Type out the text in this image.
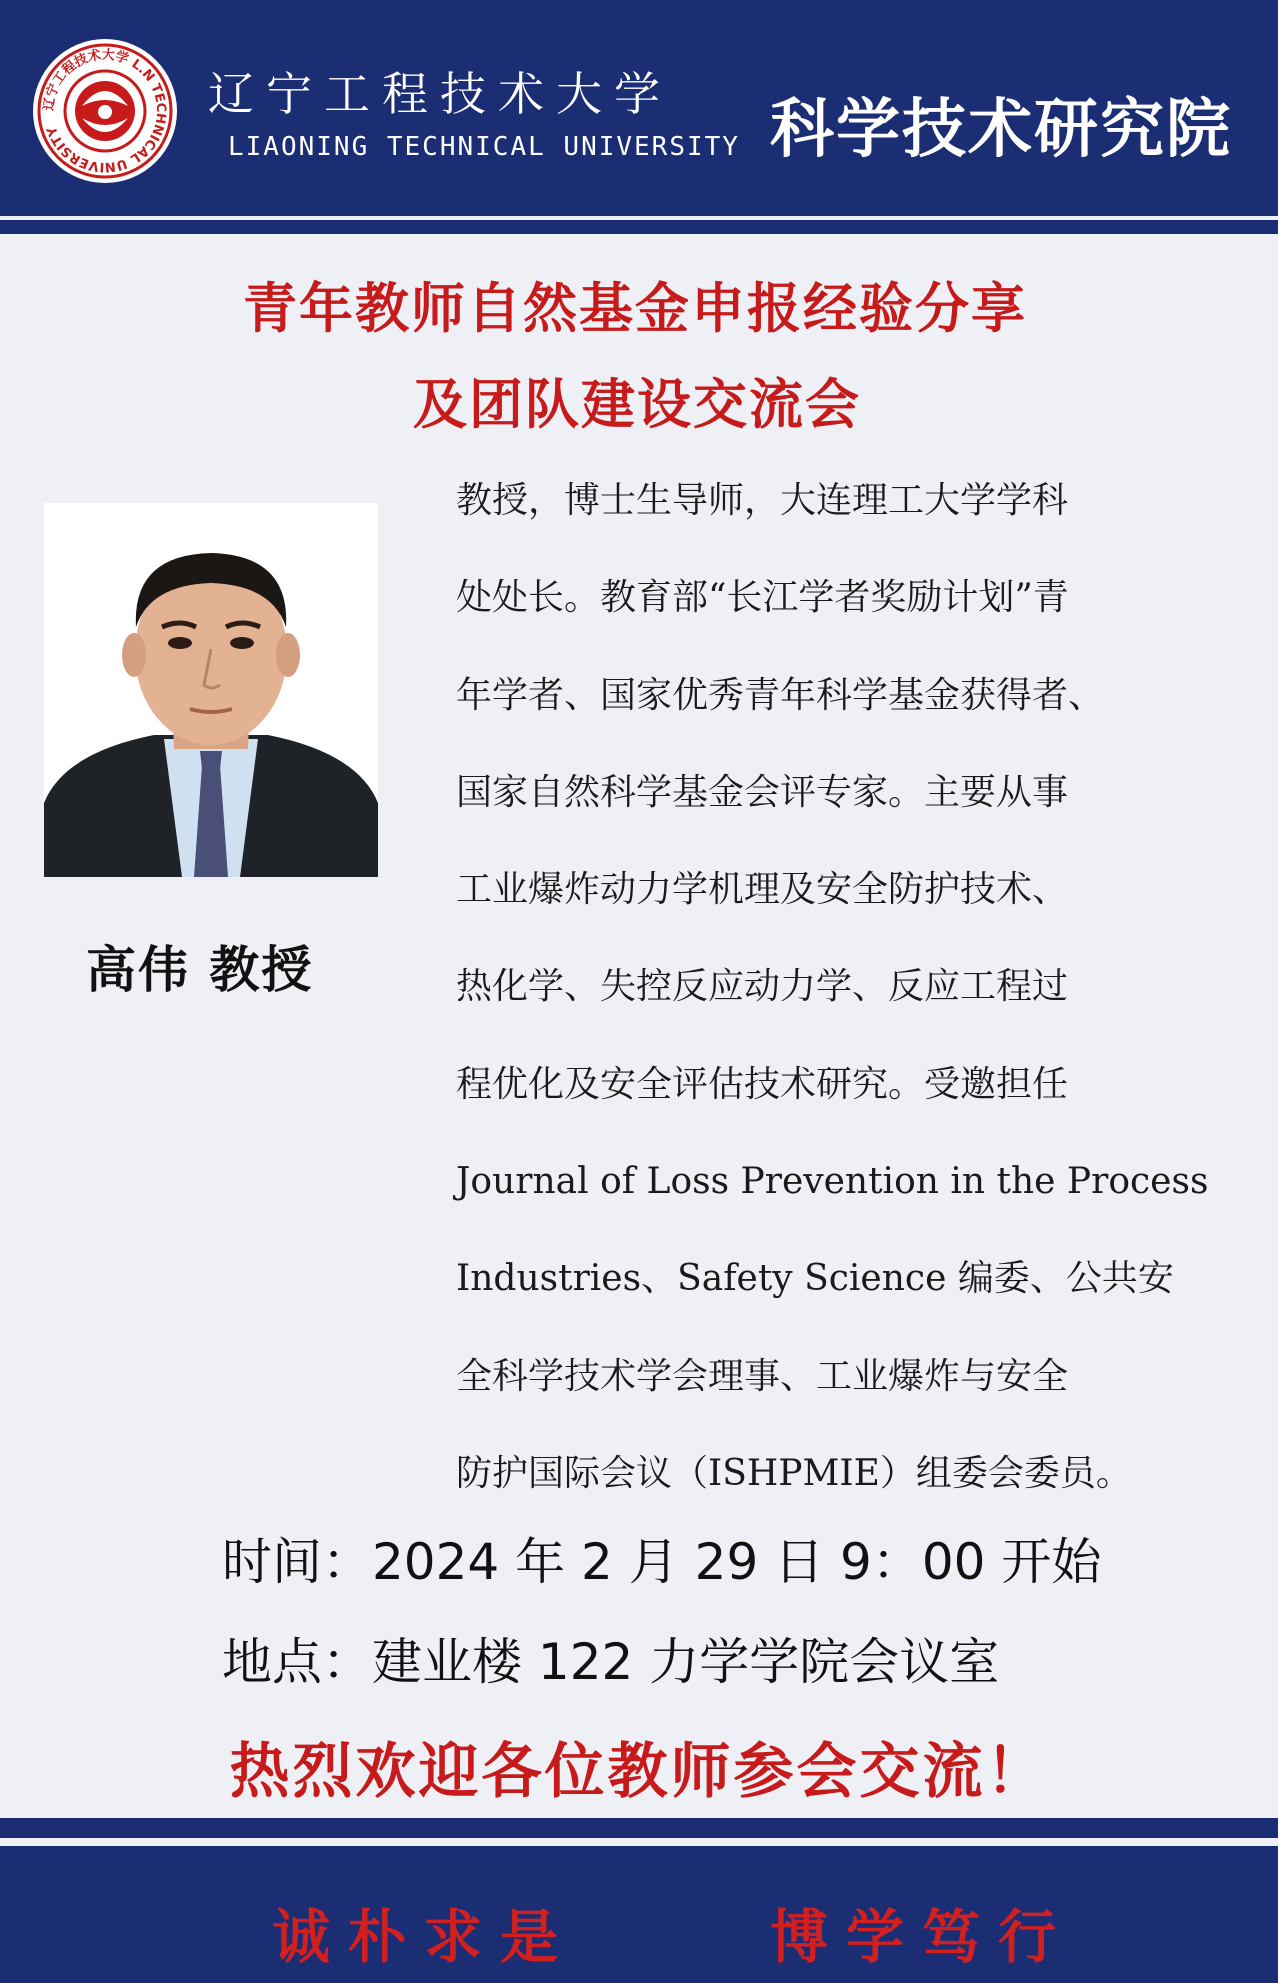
辽宁工程技术大学 L.N TECHNICAL UNIVERSITY
辽宁工程技术大学
LIAONING TECHNICAL UNIVERSITY 科学技术研究院
青年教师自然基金申报经验分享
及团队建设交流会
高伟 教授
教授，博士生导师，大连理工大学学科
处处长。教育部“长江学者奖励计划”青
年学者、国家优秀青年科学基金获得者、
国家自然科学基金会评专家。主要从事
工业爆炸动力学机理及安全防护技术、
热化学、失控反应动力学、反应工程过
程优化及安全评估技术研究。受邀担任
Journal of Loss Prevention in the Process
Industries、Safety Science 编委、公共安
全科学技术学会理事、工业爆炸与安全
防护国际会议（ISHPMIE）组委会委员。
时间：2024 年 2 月 29 日 9：00 开始
地点：建业楼 122 力学学院会议室
热烈欢迎各位教师参会交流！
诚朴求是	博学笃行
